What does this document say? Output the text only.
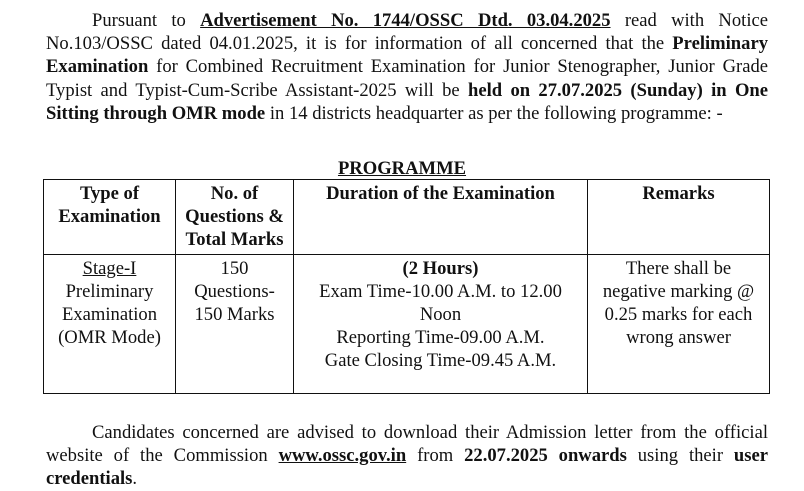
Pursuant to Advertisement No. 1744/OSSC Dtd. 03.04.2025 read with Notice No.103/OSSC dated 04.01.2025, it is for information of all concerned that the Preliminary Examination for Combined Recruitment Examination for Junior Stenographer, Junior Grade Typist and Typist-Cum-Scribe Assistant-2025 will be held on 27.07.2025 (Sunday) in One Sitting through OMR mode in 14 districts headquarter as per the following programme: -
PROGRAMME
Type of
Examination	No. of
Questions &
Total Marks	Duration of the Examination	Remarks

Stage-I
Preliminary
Examination
(OMR Mode)	150
Questions-
150 Marks	(2 Hours)
Exam Time-10.00 A.M. to 12.00
Noon
Reporting Time-09.00 A.M.
Gate Closing Time-09.45 A.M.	There shall be
negative marking @
0.25 marks for each
wrong answer
Candidates concerned are advised to download their Admission letter from the official website of the Commission www.ossc.gov.in from 22.07.2025 onwards using their user credentials.
